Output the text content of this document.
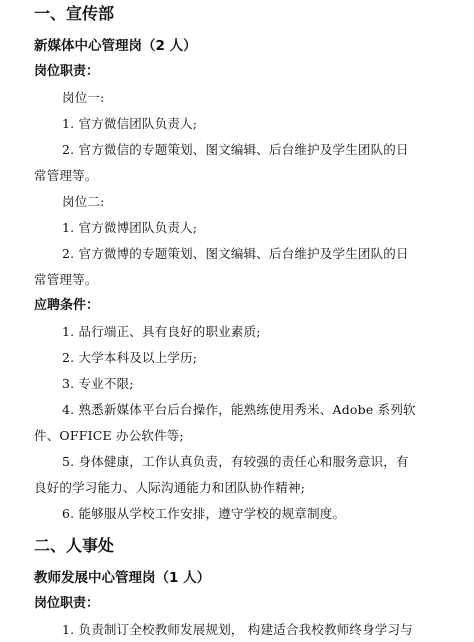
一、宣传部
新媒体中心管理岗（2 人）
岗位职责：
岗位一:
1. 官方微信团队负责人;
2. 官方微信的专题策划、图文编辑、后台维护及学生团队的日
常管理等。
岗位二:
1. 官方微博团队负责人;
2. 官方微博的专题策划、图文编辑、后台维护及学生团队的日
常管理等。
应聘条件：
1. 品行端正、具有良好的职业素质;
2. 大学本科及以上学历;
3. 专业不限;
4. 熟悉新媒体平台后台操作，能熟练使用秀米、Adobe 系列软
件、OFFICE 办公软件等;
5. 身体健康，工作认真负责，有较强的责任心和服务意识，有
良好的学习能力、人际沟通能力和团队协作精神;
6. 能够服从学校工作安排，遵守学校的规章制度。
二、人事处
教师发展中心管理岗（1 人）
岗位职责：
1. 负责制订全校教师发展规划， 构建适合我校教师终身学习与
